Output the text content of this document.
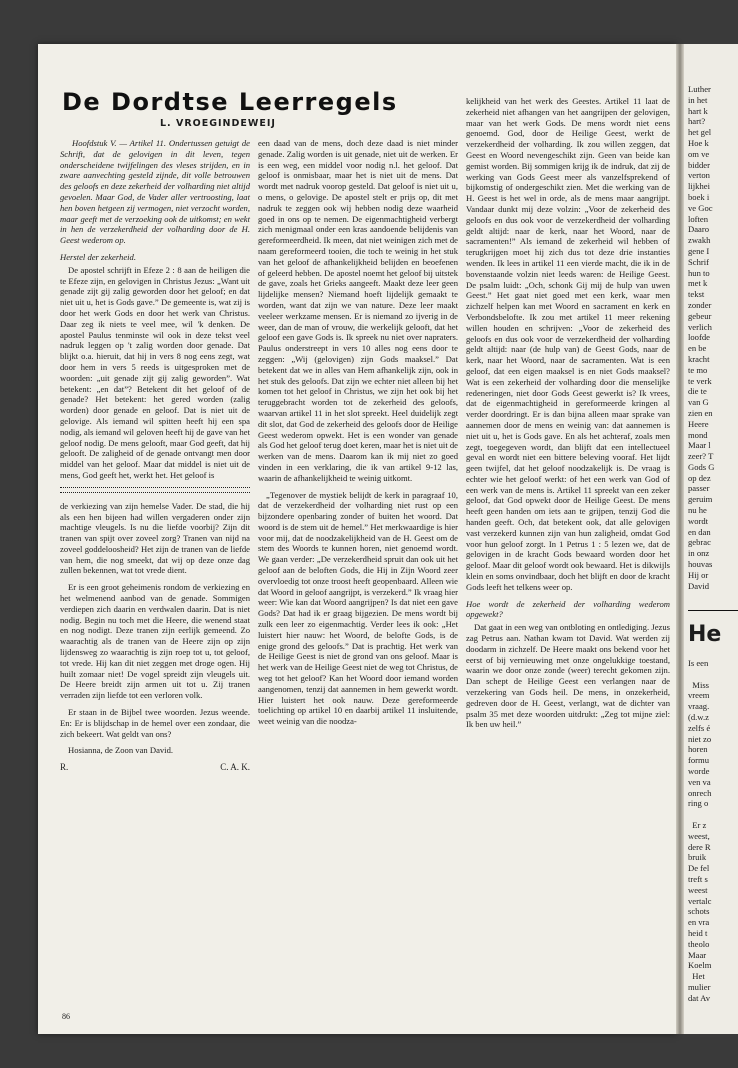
Luther
in het
hart k
hart?
het gel
Hoe k
om ve
bidder
verton
lijkhei
boek i
ve Goc
loften
Daaro
zwakh
gene I
Schrif
hun to
met k
tekst
zonder
gebeur
verlich
loofde
en be
kracht
te mo
te verk
die te
van G
zien en
Heere
mond
Maar l
zeer? T
Gods G
op dez
passer
geruim
nu he
wordt
en dan
gebrac
in onz
houvas
Hij or
David
He
Is een

Miss
vreem
vraag.
(d.w.z
zelfs é
niet zo
horen
formu
worde
ven va
onrech
ring o

Er z
weest,
dere R
bruik
De fel
treft s
weest
vertalc
schots
en vra
heid t
theolo
Maar
Koelm
Het
mulier
dat Av
De Dordtse Leerregels
L. VROEGINDEWEIJ

Hoofdstuk V. — Artikel 11. Ondertussen getuigt de Schrift, dat de gelovigen in dit leven, tegen onderscheidene twijfelingen des vleses strijden, en in zware aanvechting gesteld zijnde, dit volle betrouwen des geloofs en deze zekerheid der volharding niet altijd gevoelen. Maar God, de Vader aller vertroosting, laat hen boven hetgeen zij vermogen, niet verzocht worden, maar geeft met de verzoeking ook de uitkomst; en wekt in hen de verzekerdheid der volharding door de H. Geest wederom op.

Herstel der zekerheid.

De apostel schrijft in Efeze 2 : 8 aan de heiligen die te Efeze zijn, en gelovigen in Christus Jezus: „Want uit genade zijt gij zalig geworden door het geloof; en dat niet uit u, het is Gods gave.” De gemeente is, wat zij is door het werk Gods en door het werk van Christus. Daar zeg ik niets te veel mee, wil 'k denken. De apostel Paulus tenminste wil ook in deze tekst veel nadruk leggen op 't zalig worden door genade. Dat blijkt o.a. hieruit, dat hij in vers 8 nog eens zegt, wat door hem in vers 5 reeds is uitgesproken met de woorden: „uit genade zijt gij zalig geworden”. Wat betekent: „en dat”? Betekent dit het geloof of de genade? Het betekent: het gered worden (zalig worden) door genade en geloof. Dat is niet uit de gelovige. Als iemand wil spitten heeft hij een spa nodig, als iemand wil geloven heeft hij de gave van het geloof nodig. De mens gelooft, maar God geeft, dat hij gelooft. De zaligheid of de genade ontvangt men door middel van het geloof. Maar dat middel is niet uit de mens, God geeft het, werkt het. Het geloof is

de verkiezing van zijn hemelse Vader. De stad, die hij als een hen bijeen had willen vergaderen onder zijn machtige vleugels. Is nu die liefde voorbij? Zijn dit tranen van spijt over zoveel zorg? Tranen van nijd na zoveel goddeloosheid? Het zijn de tranen van de liefde van hem, die nog smeekt, dat wij op deze onze dag zullen bekennen, wat tot vrede dient.

Er is een groot geheimenis rondom de verkiezing en het welmenend aanbod van de genade. Sommigen verdiepen zich daarin en verdwalen daarin. Dat is niet nodig. Begin nu toch met die Heere, die wenend staat en nog nodigt. Deze tranen zijn eerlijk gemeend. Zo waarachtig als de tranen van de Heere zijn op zijn lijdensweg zo waarachtig is zijn roep tot u, tot geloof, tot vrede. Hij kan dit niet zeggen met droge ogen. Hij huilt zomaar niet! De vogel spreidt zijn vleugels uit. De Heere breidt zijn armen uit tot u. Zij tranen verraden zijn liefde tot een verloren volk.

Er staan in de Bijbel twee woorden. Jezus weende. En: Er is blijdschap in de hemel over een zondaar, die zich bekeert. Wat geldt van ons?

Hosianna, de Zoon van David.

R.	C. A. K.

een daad van de mens, doch deze daad is niet minder genade. Zalig worden is uit genade, niet uit de werken. Er is een weg, een middel voor nodig n.l. het geloof. Dat geloof is onmisbaar, maar het is niet uit de mens. Dat wordt met nadruk voorop gesteld. Dat geloof is niet uit u, o mens, o gelovige. De apostel stelt er prijs op, dit met nadruk te zeggen ook wij hebben nodig deze waarheid goed in ons op te nemen. De eigenmachtigheid verbergt zich menigmaal onder een kras aandoende belijdenis van gereformeerdheid. Ik meen, dat niet weinigen zich met de naam gereformeerd tooien, die toch te weinig in het stuk van het geloof de afhankelijkheid belijden en beoefenen of geleerd hebben. De apostel noemt het geloof bij uitstek de gave, zoals het Grieks aangeeft. Maakt deze leer geen lijdelijke mensen? Niemand hoeft lijdelijk gemaakt te worden, want dat zijn we van nature. Deze leer maakt veeleer werkzame mensen. Er is niemand zo ijverig in de weer, dan de man of vrouw, die werkelijk gelooft, dat het geloof een gave Gods is. Ik spreek nu niet over napraters. Paulus onderstreept in vers 10 alles nog eens door te zeggen: „Wij (gelovigen) zijn Gods maaksel.” Dat betekent dat we in alles van Hem afhankelijk zijn, ook in het stuk des geloofs. Dat zijn we echter niet alleen bij het komen tot het geloof in Christus, we zijn het ook bij het teruggebracht worden tot de zekerheid des geloofs, waarvan artikel 11 in het slot spreekt. Heel duidelijk zegt dit slot, dat God de zekerheid des geloofs door de Heilige Geest wederom opwekt. Het is een wonder van genade als God het geloof terug doet keren, maar het is niet uit de werken van de mens. Daarom kan ik mij niet zo goed vinden in een verklaring, die ik van artikel 9-12 las, waarin de afhankelijkheid te weinig uitkomt.

„Tegenover de mystiek belijdt de kerk in paragraaf 10, dat de verzekerdheid der volharding niet rust op een bijzondere openbaring zonder of buiten het woord. Dat woord is de stem uit de hemel.” Het merkwaardige is hier voor mij, dat de noodzakelijkheid van de H. Geest om de stem des Woords te kunnen horen, niet genoemd wordt. We gaan verder: „De verzekerdheid spruit dan ook uit het geloof aan de beloften Gods, die Hij in Zijn Woord zeer overvloedig tot onze troost heeft geopenbaard. Alleen wie dat Woord in geloof aangrijpt, is verzekerd.” Ik vraag hier weer: Wie kan dat Woord aangrijpen? Is dat niet een gave Gods? Dat had ik er graag bijgezien. De mens wordt bij zulk een leer zo eigenmachtig. Verder lees ik ook: „Het luistert hier nauw: het Woord, de belofte Gods, is de enige grond des geloofs.” Dat is prachtig. Het werk van de Heilige Geest is niet de grond van ons geloof. Maar is het werk van de Heilige Geest niet de weg tot Christus, de weg tot het geloof? Kan het Woord door iemand worden aangenomen, tenzij dat aannemen in hem gewerkt wordt. Hier luistert het ook nauw. Deze gereformeerde toelichting op artikel 10 en daarbij artikel 11 insluitende, weet weinig van die noodza-

kelijkheid van het werk des Geestes. Artikel 11 laat de zekerheid niet afhangen van het aangrijpen der gelovigen, maar van het werk Gods. De mens wordt niet eens genoemd. God, door de Heilige Geest, werkt de verzekerdheid der volharding. Ik zou willen zeggen, dat Geest en Woord nevengeschikt zijn. Geen van beide kan gemist worden. Bij sommigen krijg ik de indruk, dat zij de werking van Gods Geest meer als vanzelfsprekend of bijkomstig of ondergeschikt zien. Met die werking van de H. Geest is het wel in orde, als de mens maar aangrijpt. Vandaar dunkt mij deze volzin: „Voor de zekerheid des geloofs en dus ook voor de verzekerdheid der volharding geldt altijd: naar de kerk, naar het Woord, naar de sacramenten!” Als iemand de zekerheid wil hebben of terugkrijgen moet hij zich dus tot deze drie instanties wenden. Ik lees in artikel 11 een vierde macht, die ik in de bovenstaande volzin niet leeds waren: de Heilige Geest. De psalm luidt: „Och, schonk Gij mij de hulp van uwen Geest.” Het gaat niet goed met een kerk, waar men zichzelf helpen kan met Woord en sacrament en kerk en Verbondsbelofte. Ik zou met artikel 11 meer rekening willen houden en schrijven: „Voor de zekerheid des geloofs en dus ook voor de verzekerdheid der volharding geldt altijd: naar (de hulp van) de Geest Gods, naar de kerk, naar het Woord, naar de sacramenten. Wat is een geloof, dat een eigen maaksel is en niet Gods maaksel? Wat is een zekerheid der volharding door die menselijke redeneringen, niet door Gods Geest gewerkt is? Ik vrees, dat de eigenmachtigheid in gereformeerde kringen al verder doordringt. Er is dan bijna alleen maar sprake van aannemen door de mens en weinig van: dat aannemen is niet uit u, het is Gods gave. En als het achteraf, zoals men zegt, toegegeven wordt, dan blijft dat een intellectueel geval en wordt niet een bittere beleving vooraf. Het lijdt geen twijfel, dat het geloof noodzakelijk is. De vraag is echter wie het geloof werkt: of het een werk van God of een werk van de mens is. Artikel 11 spreekt van een zeker geloof, dat God opwekt door de Heilige Geest. De mens heeft geen handen om iets aan te grijpen, tenzij God die handen geeft. Och, dat betekent ook, dat alle gelovigen vast verzekerd kunnen zijn van hun zaligheid, omdat God voor hun geloof zorgt. In 1 Petrus 1 : 5 lezen we, dat de gelovigen in de kracht Gods bewaard worden door het geloof. Maar dit geloof wordt ook bewaard. Het is dikwijls klein en soms onvindbaar, doch het blijft en door de kracht Gods leeft het telkens weer op.

Hoe wordt de zekerheid der volharding wederom opgewekt?

Dat gaat in een weg van ontbloting en ontlediging. Jezus zag Petrus aan. Nathan kwam tot David. Wat werden zij doodarm in zichzelf. De Heere maakt ons bekend voor het eerst of bij vernieuwing met onze ongelukkige toestand, waarin we door onze zonde (weer) terecht gekomen zijn. Dan schept de Heilige Geest een verlangen naar de verzekering van Gods heil. De mens, in onzekerheid, gedreven door de H. Geest, verlangt, wat de dichter van psalm 35 met deze woorden uitdrukt: „Zeg tot mijne ziel: Ik ben uw heil.”

86
